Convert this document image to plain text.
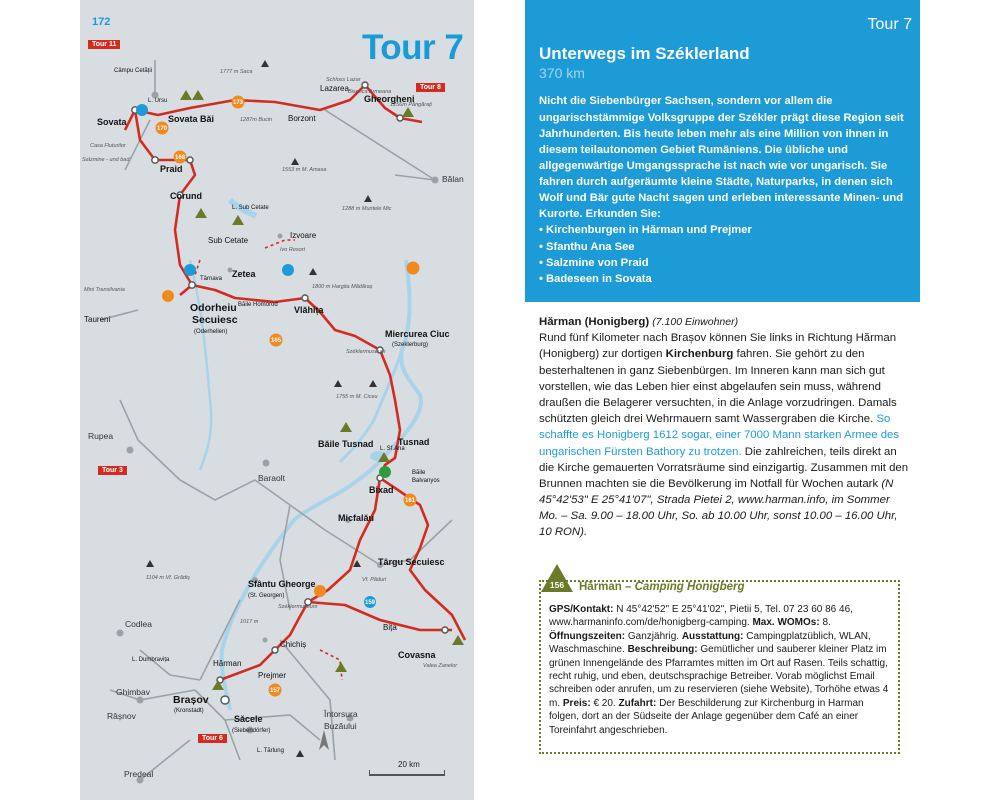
170
168
173
165
161
159
157
Tour 11
Tour 8
Tour 3
Tour 6
Câmpu Cetății
Sovata	Sovata Băi
L. Ursu
Praid
Casa Fluturilor
Salzmine - und bad
Corund
L. Sub Cetate
Sub Cetate
Izvoare
Ivo Resort
Zetea
Târnava
Mini Transilvania
Taureni
Odorheiu
Secuiesc
(Oderhellen)
Băile Homorod Vlăhița
Miercurea Ciuc
(Szeklerburg)
Széklermuseum
Gheorgheni
Lazarea
Schloss Lazar
Biserica Armeana
1256m Pângărați
Borzont
Bălan
1777 m Saca
1287m Bucin
1553 m M. Amasa
1288 m Muntele Mic
1800 m Hargita Mădăraș
1755 m M. Ciceu
Rupea
Baraolt
Băile Tusnad	Tusnad
L. Sf.Ana
Bixad
Băile
Balvanyos
Micfalău
Târgu Secuiesc
Vf. Păduri
Sfântu Gheorge
(St. Georgen)
Széklermuseum
1017 m
Chichiș
Bița
Covasna
Valea Zanelor
Hărman
Prejmer
Codlea
1104 m Vf. Grădiș
L. Dumbravița
Ghimbav
Râșnov
Brașov
(Kronstadt)
Săcele
(Siebendörfer)
L. Tărlung
Întorsura
Buzăului
Predeal
20 km
172
Tour 7	Unterwegs im Széklerland
370 km

Nicht die Siebenbürger Sachsen, sondern vor allem die ungarischstämmige Volksgruppe der Székler prägt diese Region seit Jahrhunderten. Bis heute leben mehr als eine Million von ihnen in diesem teilautonomen Gebiet Rumäniens. Die übliche und allgegenwärtige Umgangssprache ist nach wie vor ungarisch. Sie fahren durch aufgeräumte kleine Städte, Naturparks, in denen sich Wolf und Bär gute Nacht sagen und erleben interessante Minen- und Kurorte. Erkunden Sie:

• Kirchenburgen in Hărman und Prejmer
• Sfanthu Ana See
• Salzmine von Praid
• Badeseen in Sovata
Tour 7
Hărman (Honigberg) (7.100 Einwohner)
Rund fünf Kilometer nach Brașov können Sie links in Richtung Hărman (Honigberg) zur dortigen Kirchenburg fahren. Sie gehört zu den besterhaltenen in ganz Siebenbürgen. Im Inneren kann man sich gut vorstellen, wie das Leben hier einst abgelaufen sein muss, während draußen die Belagerer versuchten, in die Anlage vorzudringen. Damals schützten gleich drei Wehrmauern samt Wassergraben die Kirche. So schaffte es Honigberg 1612 sogar, einer 7000 Mann starken Armee des ungarischen Fürsten Bathory zu trotzen. Die zahlreichen, teils direkt an die Kirche gemauerten Vorratsräume sind einzigartig. Zusammen mit den Brunnen machten sie die Bevölkerung im Notfall für Wochen autark (N 45°42'53" E 25°41'07", Strada Pietei 2, www.harman.info, im Sommer Mo. – Sa. 9.00 – 18.00 Uhr, So. ab 10.00 Uhr, sonst 10.00 – 16.00 Uhr, 10 RON).
156 Hărman – Camping Honigberg
GPS/Kontakt: N 45°42'52" E 25°41'02", Pietii 5, Tel. 07 23 60 86 46, www.harmaninfo.com/de/honigberg-camping. Max. WOMOs: 8. Öffnungszeiten: Ganzjährig. Ausstattung: Campingplatzüblich, WLAN, Waschmaschine. Beschreibung: Gemütlicher und sauberer kleiner Platz im grünen Innengelände des Pfarramtes mitten im Ort auf Rasen. Teils schattig, recht ruhig, und eben, deutschsprachige Betreiber. Vorab möglichst Email schreiben oder anrufen, um zu reservieren (siehe Website), Torhöhe etwas 4 m. Preis: € 20. Zufahrt: Der Beschilderung zur Kirchenburg in Harman folgen, dort an der Südseite der Anlage gegenüber dem Café an einer Toreinfahrt angeschrieben.
